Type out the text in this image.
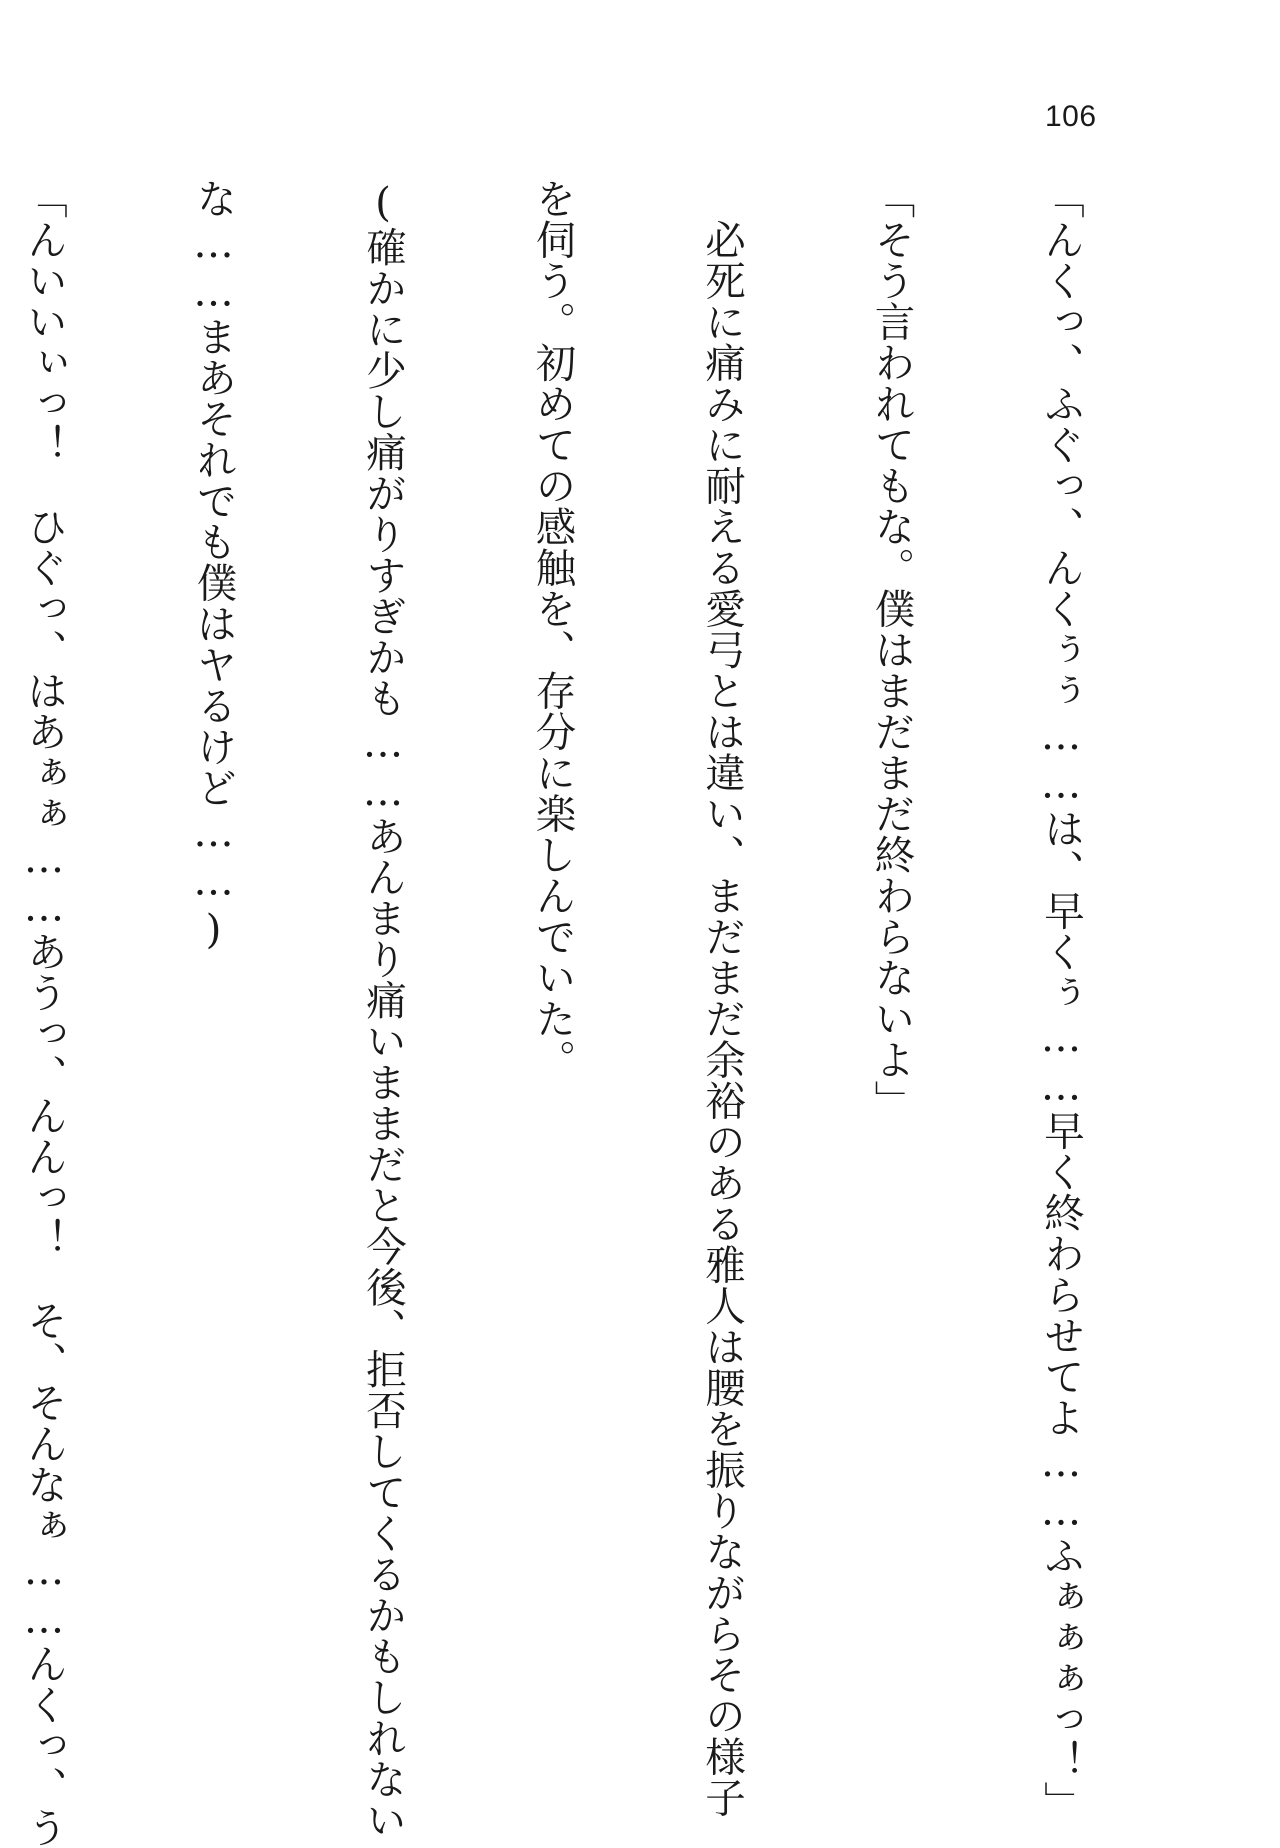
106

「んくっ、ふぐっ、んくぅぅ……は、早くぅ……早く終わらせてよ……ふぁぁぁっ！」

「そう言われてもな。僕はまだまだ終わらないよ」

　必死に痛みに耐える愛弓とは違い、まだまだ余裕のある雅人は腰を振りながらその様子

を伺う。初めての感触を、存分に楽しんでいた。

(確かに少し痛がりすぎかも……あんまり痛いままだと今後、拒否してくるかもしれない

な……まあそれでも僕はヤるけど……)

「んいいぃっ！　ひぐっ、はあぁぁ……あうっ、んんっ！　そ、そんなぁ……んくっ、う
